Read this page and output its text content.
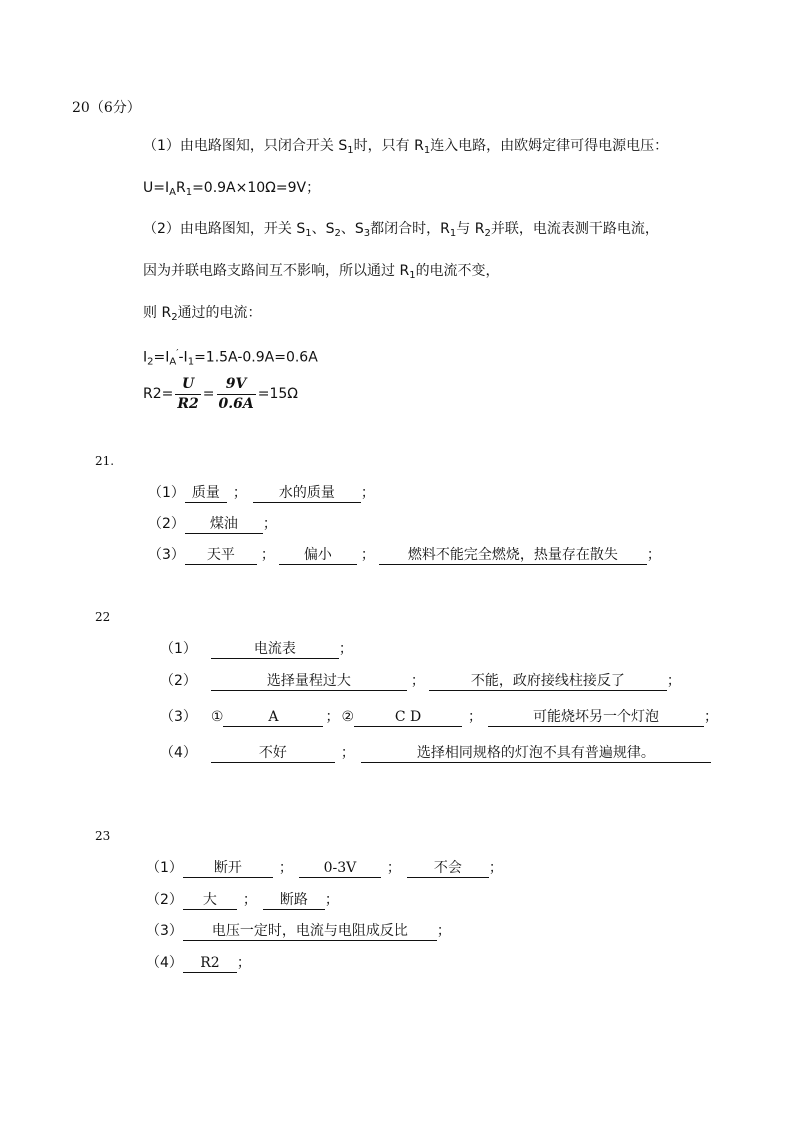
20（6分）
（1）由电路图知，只闭合开关 $S_1$时，只有 $R_1$连入电路，由欧姆定律可得电源电压：
$U=I_AR_1=0.9A\times 10\Omega=9V$；
（2）由电路图知，开关 $S_1$、$S_2$、$S_3$都闭合时，$R_1$与 $R_2$并联，电流表测干路电流，
因为并联电路支路间互不影响，所以通过 $R_1$的电流不变，
则 $R_2$通过的电流：
$I_2=I_A'-I_1=1.5A-0.9A=0.6A$
$R2= \frac{U}{R2} = \frac{9V}{0.6A} =15\Omega$
21.
（1） 质量 ； 水的质量 ；
（2） 煤油 ；
（3） 天平 ； 偏小 ； 燃料不能完全燃烧，热量存在散失 ；
22
（1）	电流表	；
（2）	选择量程过大	；	不能，政府接线柱接反了	；
（3） ①	A	； ②	C D	；	可能烧坏另一个灯泡	；
（4）	不好	；	选择相同规格的灯泡不具有普遍规律。
23
（1） 断开	； 0-3V ； 不会 ；
（2） 大 ； 断路 ；
（3） 电压一定时，电流与电阻成反比 ；
（4） R2 ；
